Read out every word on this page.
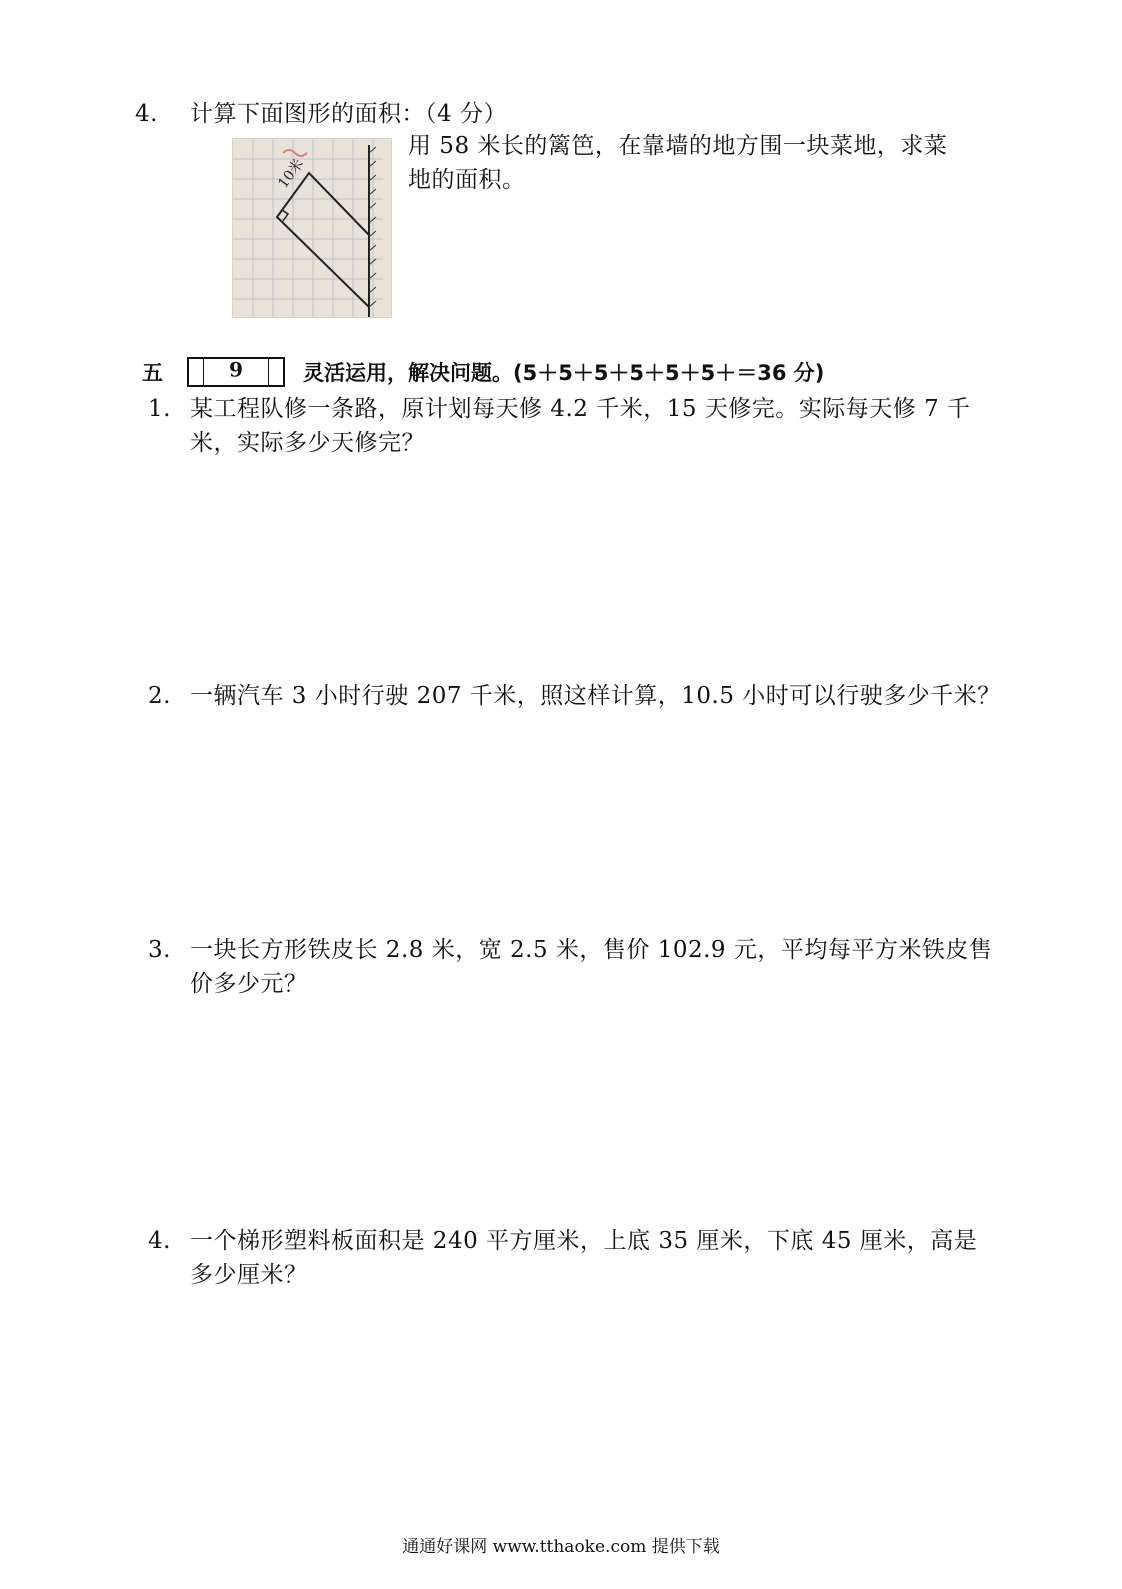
4.	计算下面图形的面积：（4 分）
10米
用 58 米长的篱笆，在靠墙的地方围一块菜地，求菜
地的面积。
五	6	灵活运用，解决问题。(5＋5＋5＋5＋5＋5＋＝36 分)
1. 某工程队修一条路，原计划每天修 4.2 千米，15 天修完。实际每天修 7 千
米，实际多少天修完？
2. 一辆汽车 3 小时行驶 207 千米，照这样计算，10.5 小时可以行驶多少千米？
3. 一块长方形铁皮长 2.8 米，宽 2.5 米，售价 102.9 元，平均每平方米铁皮售
价多少元？
4. 一个梯形塑料板面积是 240 平方厘米，上底 35 厘米，下底 45 厘米，高是
多少厘米？
通通好课网 www.tthaoke.com 提供下载
